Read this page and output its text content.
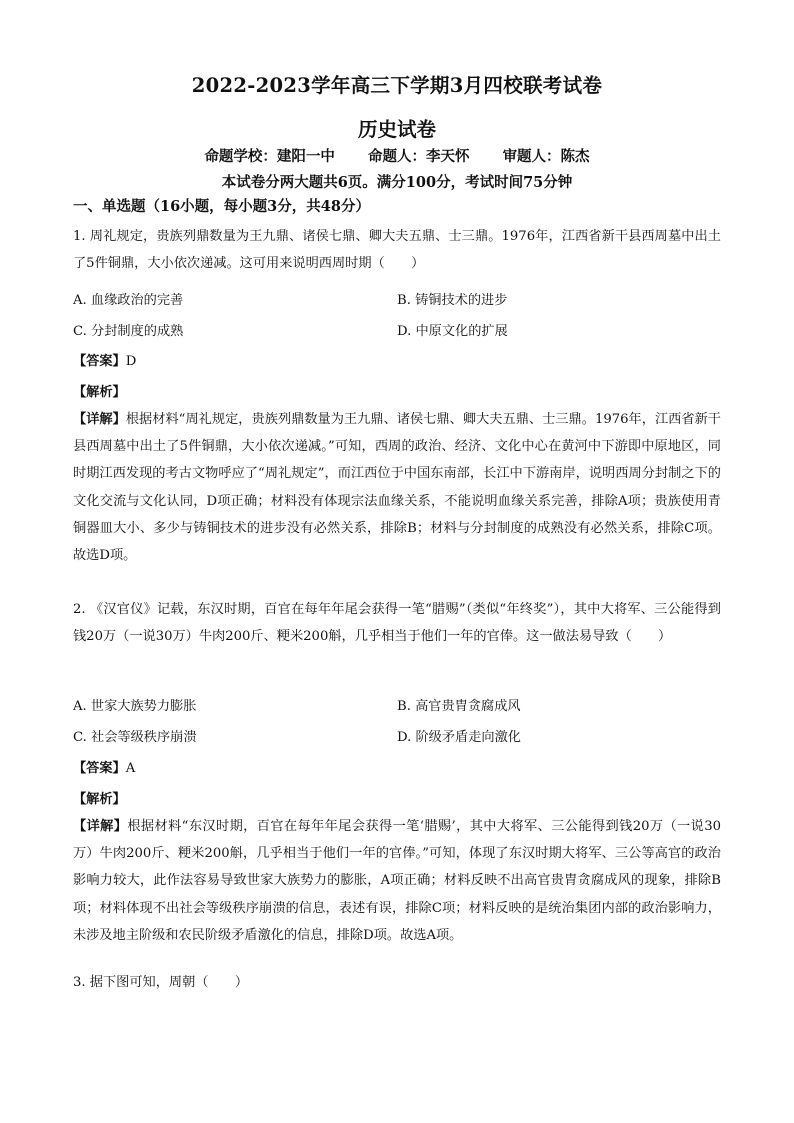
2022-2023学年高三下学期3月四校联考试卷
历史试卷
命题学校：建阳一中 命题人：李天怀 审题人：陈杰
本试卷分两大题共6页。满分100分，考试时间75分钟
一、单选题（16小题，每小题3分，共48分）

1. 周礼规定，贵族列鼎数量为王九鼎、诸侯七鼎、卿大夫五鼎、士三鼎。1976年，江西省新干县西周墓中出土了5件铜鼎，大小依次递减。这可用来说明西周时期（　　）

A. 血缘政治的完善	B. 铸铜技术的进步
C. 分封制度的成熟	D. 中原文化的扩展
【答案】D
【解析】

【详解】根据材料“周礼规定，贵族列鼎数量为王九鼎、诸侯七鼎、卿大夫五鼎、士三鼎。1976年，江西省新干县西周墓中出土了5件铜鼎，大小依次递减。”可知，西周的政治、经济、文化中心在黄河中下游即中原地区，同时期江西发现的考古文物呼应了“周礼规定”，而江西位于中国东南部，长江中下游南岸，说明西周分封制之下的文化交流与文化认同，D项正确；材料没有体现宗法血缘关系，不能说明血缘关系完善，排除A项；贵族使用青铜器皿大小、多少与铸铜技术的进步没有必然关系，排除B；材料与分封制度的成熟没有必然关系，排除C项。故选D项。

2. 《汉官仪》记载，东汉时期，百官在每年年尾会获得一笔“腊赐”（类似“年终奖”），其中大将军、三公能得到钱20万（一说30万）牛肉200斤、粳米200斛，几乎相当于他们一年的官俸。这一做法易导致（　　）

A. 世家大族势力膨胀	B. 高官贵胄贪腐成风
C. 社会等级秩序崩溃	D. 阶级矛盾走向激化
【答案】A
【解析】

【详解】根据材料“东汉时期，百官在每年年尾会获得一笔‘腊赐’，其中大将军、三公能得到钱20万（一说30万）牛肉200斤、粳米200斛，几乎相当于他们一年的官俸。”可知，体现了东汉时期大将军、三公等高官的政治影响力较大，此作法容易导致世家大族势力的膨胀，A项正确；材料反映不出高官贵胄贪腐成风的现象，排除B项；材料体现不出社会等级秩序崩溃的信息，表述有误，排除C项；材料反映的是统治集团内部的政治影响力，未涉及地主阶级和农民阶级矛盾激化的信息，排除D项。故选A项。

3. 据下图可知，周朝（　　）
